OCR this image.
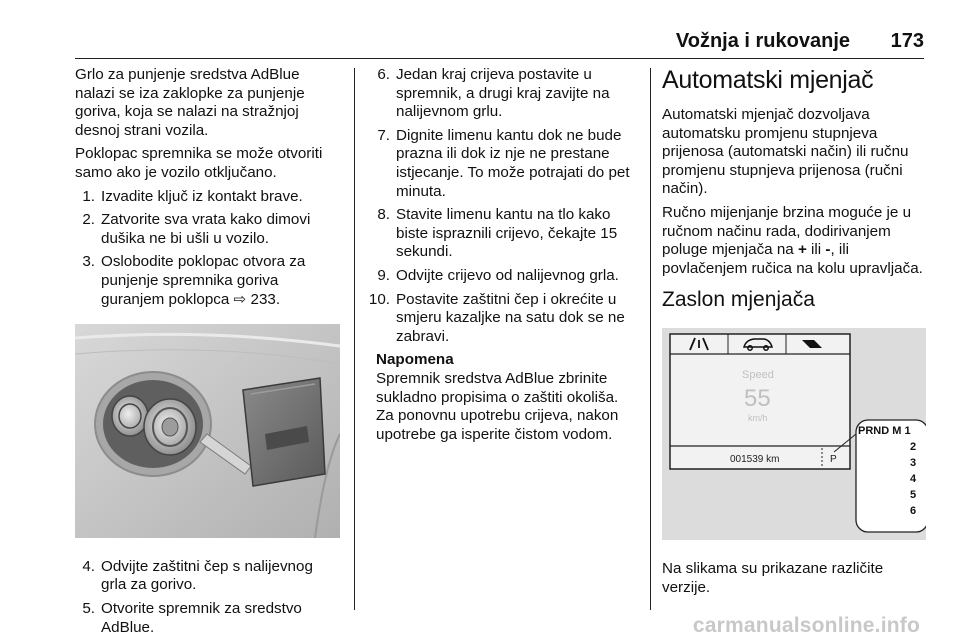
Vožnja i rukovanje 173

Grlo za punjenje sredstva AdBlue nalazi se iza zaklopke za punjenje goriva, koja se nalazi na stražnjoj desnoj strani vozila.

Poklopac spremnika se može otvoriti samo ako je vozilo otključano.

1. Izvadite ključ iz kontakt brave.
2. Zatvorite sva vrata kako dimovi dušika ne bi ušli u vozilo.
3. Oslobodite poklopac otvora za punjenje spremnika goriva guranjem poklopca ⇨ 233.
4. Odvijte zaštitni čep s nalijevnog grla za gorivo.
5. Otvorite spremnik za sredstvo AdBlue.
6. Jedan kraj crijeva postavite u spremnik, a drugi kraj zavijte na nalijevnom grlu.
7. Dignite limenu kantu dok ne bude prazna ili dok iz nje ne prestane istjecanje. To može potrajati do pet minuta.
8. Stavite limenu kantu na tlo kako biste ispraznili crijevo, čekajte 15 sekundi.
9. Odvijte crijevo od nalijevnog grla.
10. Postavite zaštitni čep i okrećite u smjeru kazaljke na satu dok se ne zabravi.
Napomena
Spremnik sredstva AdBlue zbrinite sukladno propisima o zaštiti okoliša. Za ponovnu upotrebu crijeva, nakon upotrebe ga isperite čistom vodom.
Automatski mjenjač

Automatski mjenjač dozvoljava automatsku promjenu stupnjeva prijenosa (automatski način) ili ručnu promjenu stupnjeva prijenosa (ručni način).

Ručno mijenjanje brzina moguće je u ručnom načinu rada, dodirivanjem poluge mjenjača na + ili -, ili povlačenjem ručica na kolu upravljača.

Zaslon mjenjača
Speed
55
km/h
001539 km	P
PRND M 1
2
3
4
5
6

Na slikama su prikazane različite verzije.

carmanualsonline.info
